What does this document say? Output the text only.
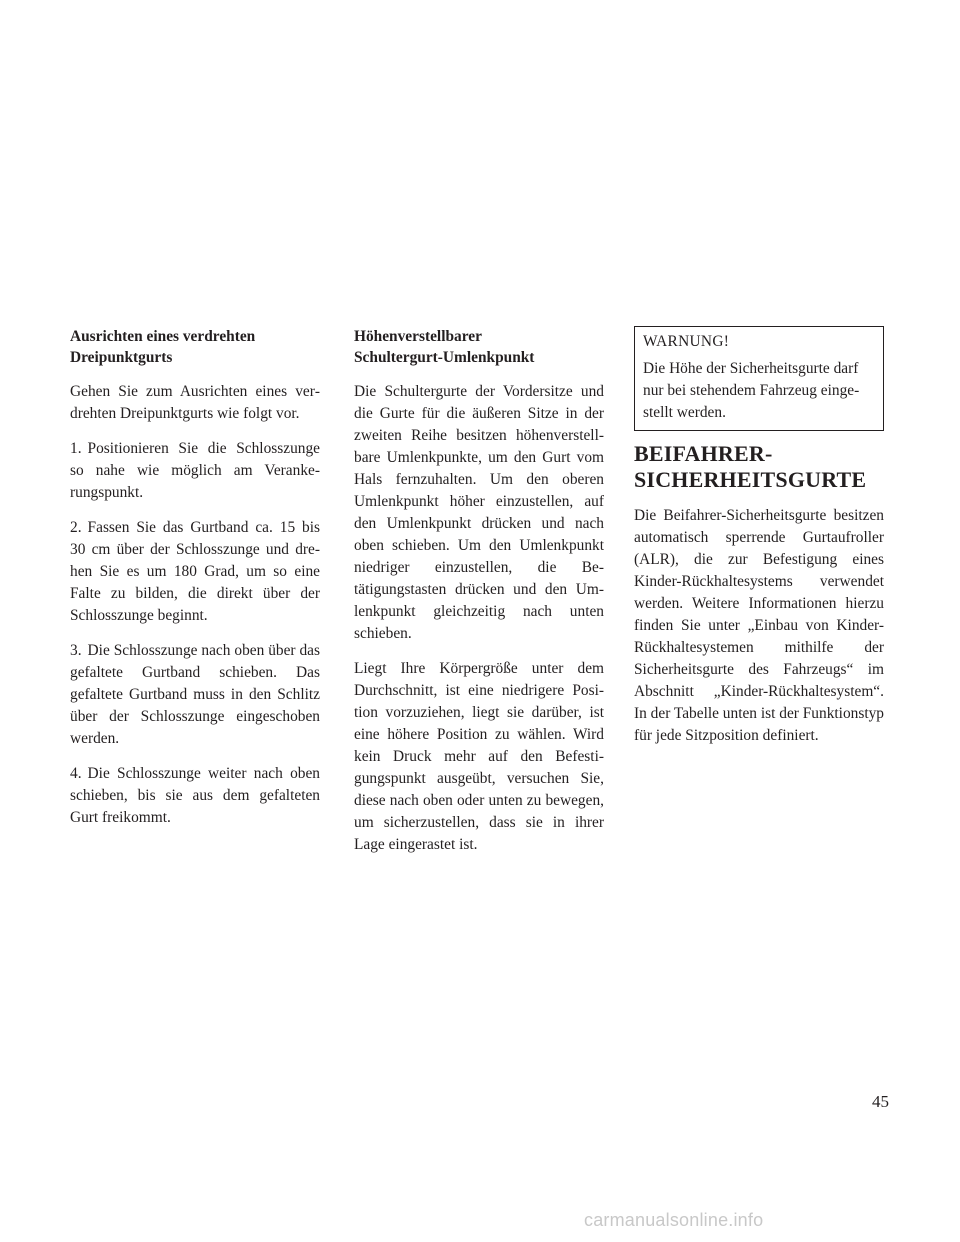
Ausrichten eines verdrehten
Dreipunktgurts

Gehen Sie zum Ausrichten eines verdrehten Dreipunktgurts wie folgt vor.

1. Positionieren Sie die Schlosszunge so nahe wie möglich am Verankerungspunkt.

2. Fassen Sie das Gurtband ca. 15 bis 30 cm über der Schlosszunge und drehen Sie es um 180 Grad, um so eine Falte zu bilden, die direkt über der Schlosszunge beginnt.

3. Die Schlosszunge nach oben über das gefaltete Gurtband schieben. Das gefaltete Gurtband muss in den Schlitz über der Schlosszunge eingeschoben werden.

4. Die Schlosszunge weiter nach oben schieben, bis sie aus dem gefalteten Gurt freikommt.

Höhenverstellbarer
Schultergurt-Umlenkpunkt

Die Schultergurte der Vordersitze und die Gurte für die äußeren Sitze in der zweiten Reihe besitzen höhenverstellbare Umlenkpunkte, um den Gurt vom Hals fernzuhalten. Um den oberen Umlenkpunkt höher einzustellen, auf den Umlenkpunkt drücken und nach oben schieben. Um den Umlenkpunkt niedriger einzustellen, die Betätigungstasten drücken und den Umlenkpunkt gleichzeitig nach unten schieben.

Liegt Ihre Körpergröße unter dem Durchschnitt, ist eine niedrigere Position vorzuziehen, liegt sie darüber, ist eine höhere Position zu wählen. Wird kein Druck mehr auf den Befestigungspunkt ausgeübt, versuchen Sie, diese nach oben oder unten zu bewegen, um sicherzustellen, dass sie in ihrer Lage eingerastet ist.

WARNUNG!

Die Höhe der Sicherheitsgurte darf nur bei stehendem Fahrzeug eingestellt werden.

BEIFAHRER-
SICHERHEITSGURTE

Die Beifahrer-Sicherheitsgurte besitzen automatisch sperrende Gurtaufroller (ALR), die zur Befestigung eines Kinder-Rückhaltesystems verwendet werden. Weitere Informationen hierzu finden Sie unter „Einbau von Kinder-Rückhaltesystemen mithilfe der Sicherheitsgurte des Fahrzeugs“ im Abschnitt „Kinder-Rückhaltesystem“. In der Tabelle unten ist der Funktionstyp für jede Sitzposition definiert.

45
carmanualsonline.info
